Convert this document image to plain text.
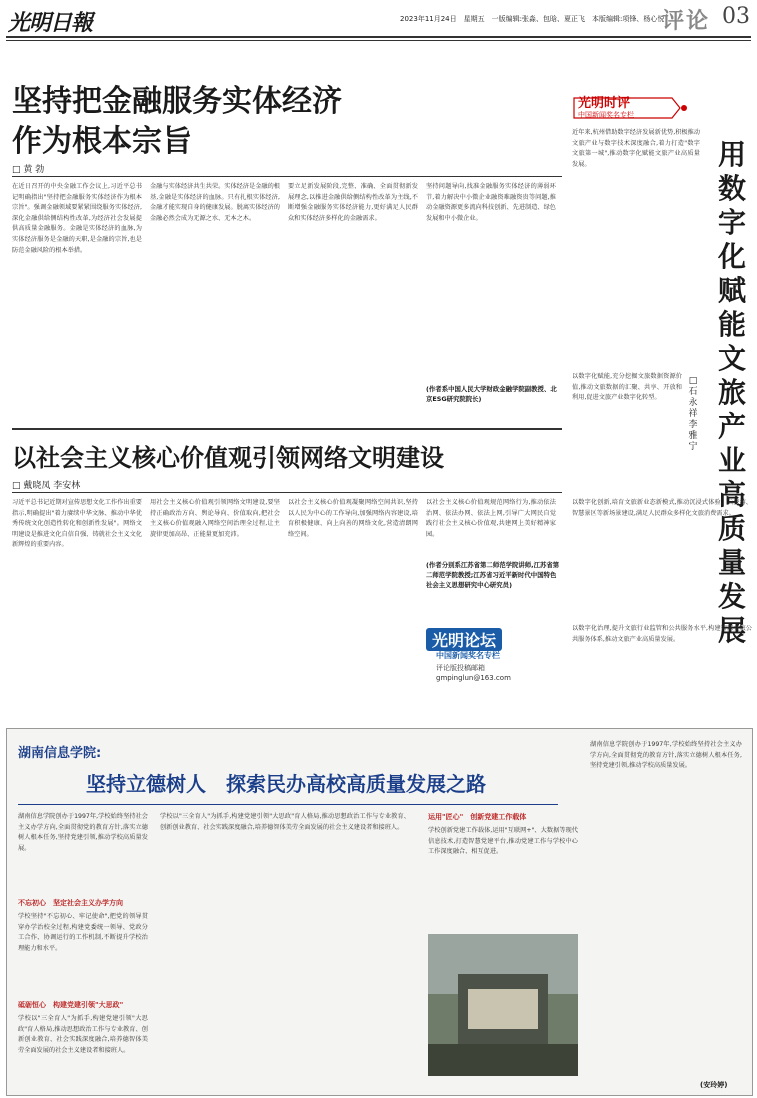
光明日報	2023年11月24日　星期五　一版编辑:张淼、包晗、夏正飞　本版编辑:项锋、杨心悦
评论 03
坚持把金融服务实体经济
作为根本宗旨
□ 黄 勃
在近日召开的中央金融工作会议上,习近平总书记明确指出"坚持把金融服务实体经济作为根本宗旨"。强调金融领域要紧紧围绕服务实体经济,深化金融供给侧结构性改革,为经济社会发展提供高质量金融服务。金融是实体经济的血脉,为实体经济服务是金融的天职,是金融的宗旨,也是防范金融风险的根本举措。
金融与实体经济共生共荣。实体经济是金融的根基,金融是实体经济的血脉。只有扎根实体经济,金融才能实现自身的健康发展。脱离实体经济的金融必然会成为无源之水、无本之木。
要立足新发展阶段,完整、准确、全面贯彻新发展理念,以推进金融供给侧结构性改革为主线,不断增强金融服务实体经济能力,更好满足人民群众和实体经济多样化的金融需求。
坚持问题导向,找准金融服务实体经济的薄弱环节,着力解决中小微企业融资难融资贵等问题,推动金融资源更多流向科技创新、先进制造、绿色发展和中小微企业。
(作者系中国人民大学财政金融学院副教授、北京ESG研究院院长)
光明时评
中国新闻奖名专栏
近年来,杭州借助数字经济发展新优势,积极推动文旅产业与数字技术深度融合,着力打造"数字文旅第一城",推动数字化赋能文旅产业高质量发展。	用数字化赋能文旅产业高质量发展
□石永祥 李雅宁
以数字化赋能,充分挖掘文旅数据资源价值,推动文旅数据的汇聚、共享、开放和利用,促进文旅产业数字化转型。
以数字化创新,培育文旅新业态新模式,推动沉浸式体验、云旅游、智慧景区等新场景建设,满足人民群众多样化文旅消费需求。
以数字化治理,提升文旅行业监管和公共服务水平,构建智慧文旅公共服务体系,推动文旅产业高质量发展。
以社会主义核心价值观引领网络文明建设
□ 戴晓凤 李安林
习近平总书记近期对宣传思想文化工作作出重要指示,明确提出"着力赓续中华文脉、推动中华优秀传统文化创造性转化和创新性发展"。网络文明建设是推进文化自信自强、铸就社会主义文化新辉煌的重要内容。
用社会主义核心价值观引领网络文明建设,要坚持正确政治方向、舆论导向、价值取向,把社会主义核心价值观融入网络空间治理全过程,让主旋律更加高昂、正能量更加充沛。
以社会主义核心价值观凝聚网络空间共识,坚持以人民为中心的工作导向,加强网络内容建设,培育积极健康、向上向善的网络文化,营造清朗网络空间。
以社会主义核心价值观规范网络行为,推动依法治网、依法办网、依法上网,引导广大网民自觉践行社会主义核心价值观,共建网上美好精神家园。
光明论坛
中国新闻奖名专栏
评论版投稿邮箱
gmpinglun@163.com
(作者分别系江苏省第二师范学院讲师,江苏省第二师范学院教授;江苏省习近平新时代中国特色社会主义思想研究中心研究员)
湖南信息学院:
坚持立德树人　探索民办高校高质量发展之路
湖南信息学院创办于1997年,学校始终坚持社会主义办学方向,全面贯彻党的教育方针,落实立德树人根本任务,坚持党建引领,推动学校高质量发展。
不忘初心　坚定社会主义办学方向
学校坚持"不忘初心、牢记使命",把党的领导贯穿办学治校全过程,构建党委统一领导、党政分工合作、协调运行的工作机制,不断提升学校治理能力和水平。
砥砺恒心　构建党建引领"大思政"
学校以"三全育人"为抓手,构建党建引领"大思政"育人格局,推动思想政治工作与专业教育、创新创业教育、社会实践深度融合,培养德智体美劳全面发展的社会主义建设者和接班人。
学校以"三全育人"为抓手,构建党建引领"大思政"育人格局,推动思想政治工作与专业教育、创新创业教育、社会实践深度融合,培养德智体美劳全面发展的社会主义建设者和接班人。
运用"匠心"　创新党建工作载体
学校创新党建工作载体,运用"互联网+"、大数据等现代信息技术,打造智慧党建平台,推动党建工作与学校中心工作深度融合、相互促进。
湖南信息学院创办于1997年,学校始终坚持社会主义办学方向,全面贯彻党的教育方针,落实立德树人根本任务,坚持党建引领,推动学校高质量发展。
(安玲婷)
